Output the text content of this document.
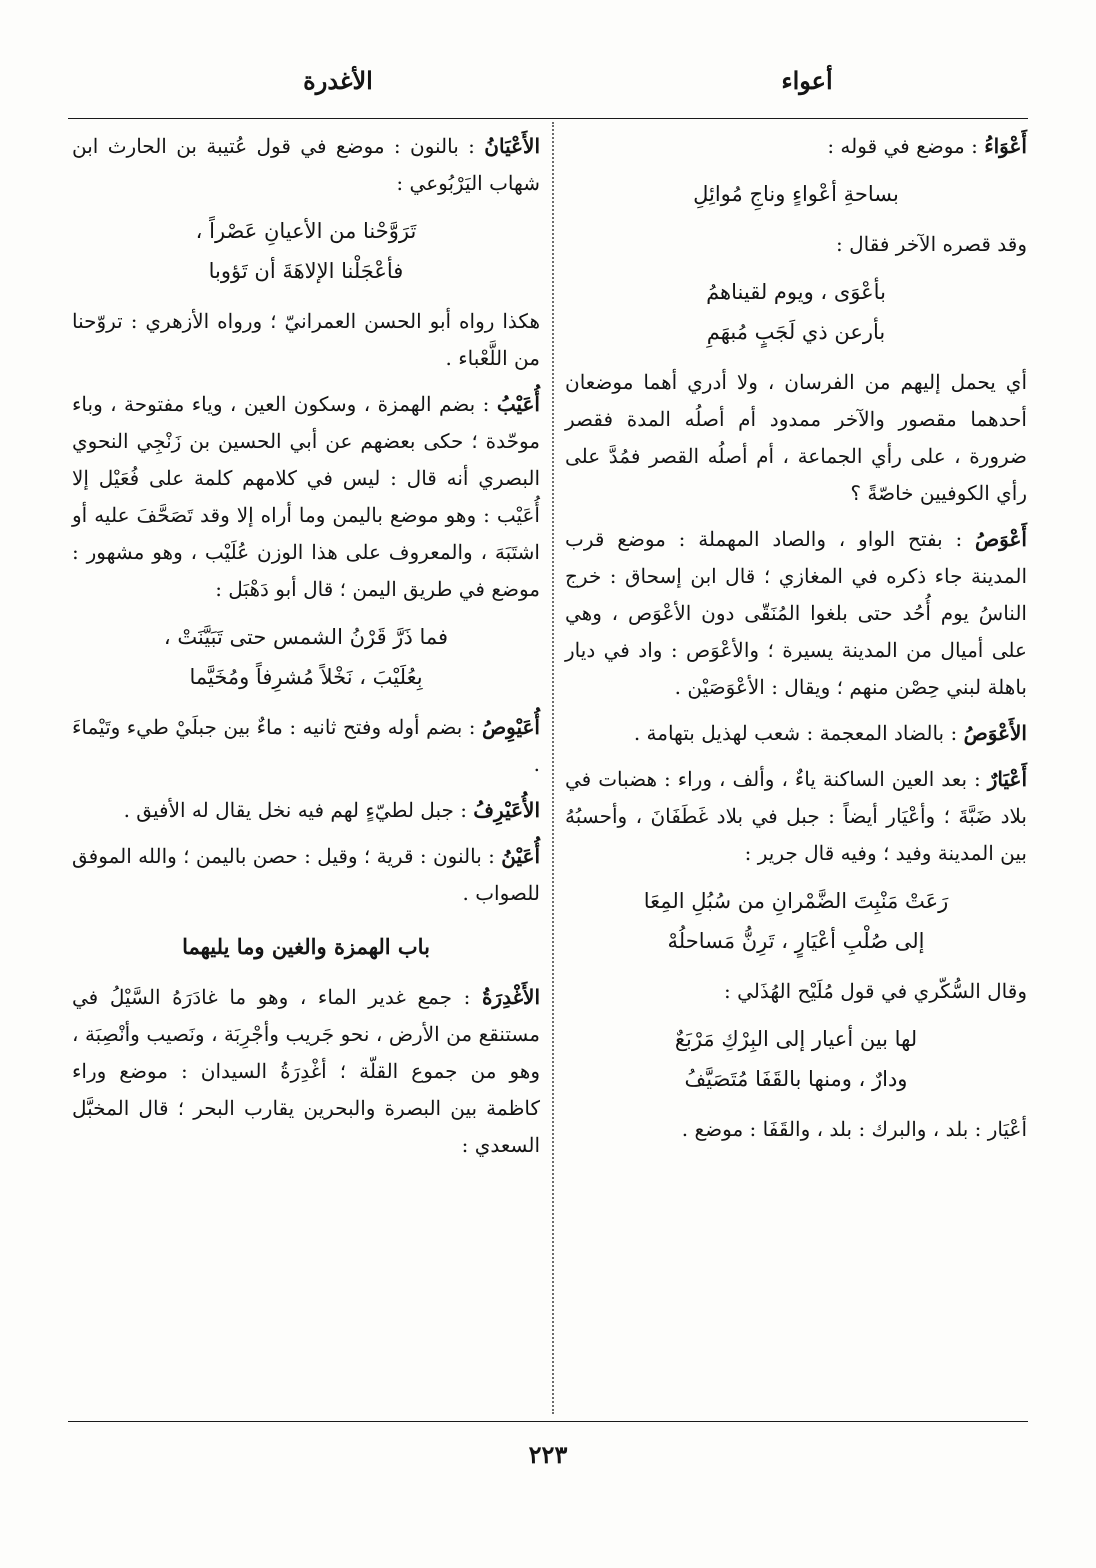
الأغدرة	أعواء

أَعْوَاءُ : موضع في قوله :

بساحةِ أعْواءٍ وناجِ مُوائِلِ

وقد قصره الآخر فقال :

بأعْوَى ، ويوم لقيناهمُ
بأرعن ذي لَجَبٍ مُبهَمِ

أي يحمل إليهم من الفرسان ، ولا أدري أهما موضعان أحدهما مقصور والآخر ممدود أم أصلُه المدة فقصر ضرورة ، على رأي الجماعة ، أم أصلُه القصر فمُدَّ على رأي الكوفيين خاصّةً ؟

أَعْوَصُ : بفتح الواو ، والصاد المهملة : موضع قرب المدينة جاء ذكره في المغازي ؛ قال ابن إسحاق : خرج الناسُ يوم أُحُد حتى بلغوا المُنَقّى دون الأعْوَص ، وهي على أميال من المدينة يسيرة ؛ والأعْوَص : واد في ديار باهلة لبني حِصْن منهم ؛ ويقال : الأعْوَصَيْن .

الأَعْوَصُ : بالضاد المعجمة : شعب لهذيل بتهامة .

أَعْيَارٌ : بعد العين الساكنة ياءٌ ، وألف ، وراء : هضبات في بلاد ضَبَّةَ ؛ وأعْيَار أيضاً : جبل في بلاد غَطَفَانَ ، وأحسبُهُ بين المدينة وفيد ؛ وفيه قال جرير :

رَعَتْ مَنْبِتَ الضَّمْرانِ من سُبُلِ المِعَا
إلى صُلْبِ أعْيَارٍ ، تَرِنُّ مَساحلُهْ

وقال السُّكّري في قول مُلَيْح الهُذَلي :

لها بين أعيار إلى البِرْكِ مَرْبَعٌ
ودارٌ ، ومنها بالقَفَا مُتَصَيَّفُ

أعْيَار : بلد ، والبرك : بلد ، والقَفَا : موضع .

الأَعْيَانُ : بالنون : موضع في قول عُتيبة بن الحارث ابن شهاب اليَرْبُوعي :

تَرَوَّحْنا من الأعيانِ عَصْراً ،
فأعْجَلْنا الإلاهَةَ أن تَؤوبا

هكذا رواه أبو الحسن العمرانيّ ؛ ورواه الأزهري : تروّحنا من اللَّعْباء .

أُعَيْبُ : بضم الهمزة ، وسكون العين ، وياء مفتوحة ، وباء موحّدة ؛ حكى بعضهم عن أبي الحسين بن زَنْجِي النحوي البصري أنه قال : ليس في كلامهم كلمة على فُعَيْل إلا أُعَيْب : وهو موضع باليمن وما أراه إلا وقد تَصَحَّفَ عليه أو اشتَبَهَ ، والمعروف على هذا الوزن عُلَيْب ، وهو مشهور : موضع في طريق اليمن ؛ قال أبو دَهْبَل :

فما ذَرَّ قَرْنُ الشمس حتى تَبَيَّنَتْ ،
بِعُلَيْبَ ، نَخْلاً مُشرِفاً ومُخَيَّما

أُعَيْوِصُ : بضم أوله وفتح ثانيه : ماءٌ بين جبلَيْ طيء وتَيْماءَ .

الأُعَيْرِفُ : جبل لطيّءٍ لهم فيه نخل يقال له الأفيق .

أُعَيْنُ : بالنون : قرية ؛ وقيل : حصن باليمن ؛ والله الموفق للصواب .

باب الهمزة والغين وما يليهما

الأَغْدِرَةُ : جمع غدير الماء ، وهو ما غادَرَهُ السَّيْلُ في مستنقع من الأرض ، نحو جَريب وأجْرِبَة ، ونَصيب وأنْصِبَة ، وهو من جموع القلّة ؛ أغْدِرَةُ السيدان : موضع وراء كاظمة بين البصرة والبحرين يقارب البحر ؛ قال المخبَّل السعدي :

٢٢٣
